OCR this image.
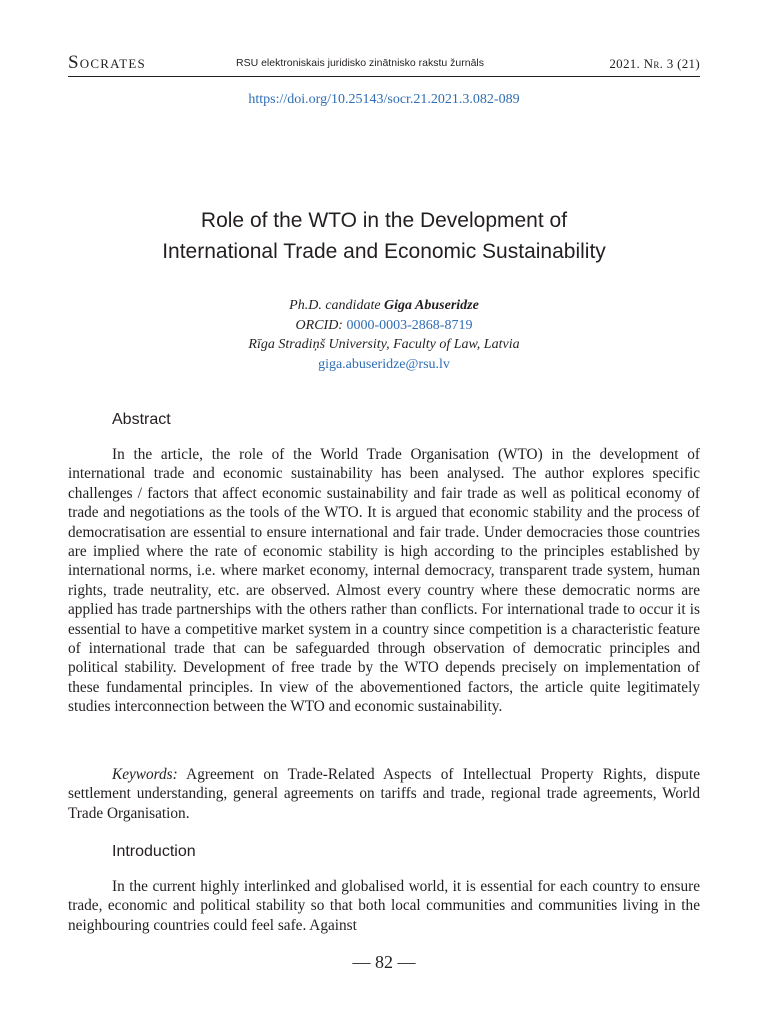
Socrates	RSU elektroniskais juridisko zinātnisko rakstu žurnāls	2021. Nr. 3 (21)
https://doi.org/10.25143/socr.21.2021.3.082-089
Role of the WTO in the Development of
International Trade and Economic Sustainability
Ph.D. candidate Giga Abuseridze
ORCID: 0000-0003-2868-8719
Rīga Stradiņš University, Faculty of Law, Latvia
giga.abuseridze@rsu.lv
Abstract

In the article, the role of the World Trade Organisation (WTO) in the development of international trade and economic sustainability has been analysed. The author explores specific challenges / factors that affect economic sustainability and fair trade as well as political economy of trade and negotiations as the tools of the WTO. It is argued that economic stability and the process of democratisation are essential to ensure international and fair trade. Under democracies those countries are implied where the rate of economic stability is high according to the principles established by international norms, i.e. where market economy, internal democracy, transparent trade system, human rights, trade neutrality, etc. are observed. Almost every country where these democratic norms are applied has trade partnerships with the others rather than conflicts. For international trade to occur it is essential to have a competitive market system in a country since competition is a characteristic feature of international trade that can be safeguarded through observation of democratic principles and political stability. Development of free trade by the WTO depends precisely on implementation of these fundamental principles. In view of the abovementioned factors, the article quite legitimately studies interconnection between the WTO and economic sustainability.

Keywords: Agreement on Trade-Related Aspects of Intellectual Property Rights, dispute settlement understanding, general agreements on tariffs and trade, regional trade agreements, World Trade Organisation.

Introduction

In the current highly interlinked and globalised world, it is essential for each country to ensure trade, economic and political stability so that both local communities and communities living in the neighbouring countries could feel safe. Against

— 82 —
